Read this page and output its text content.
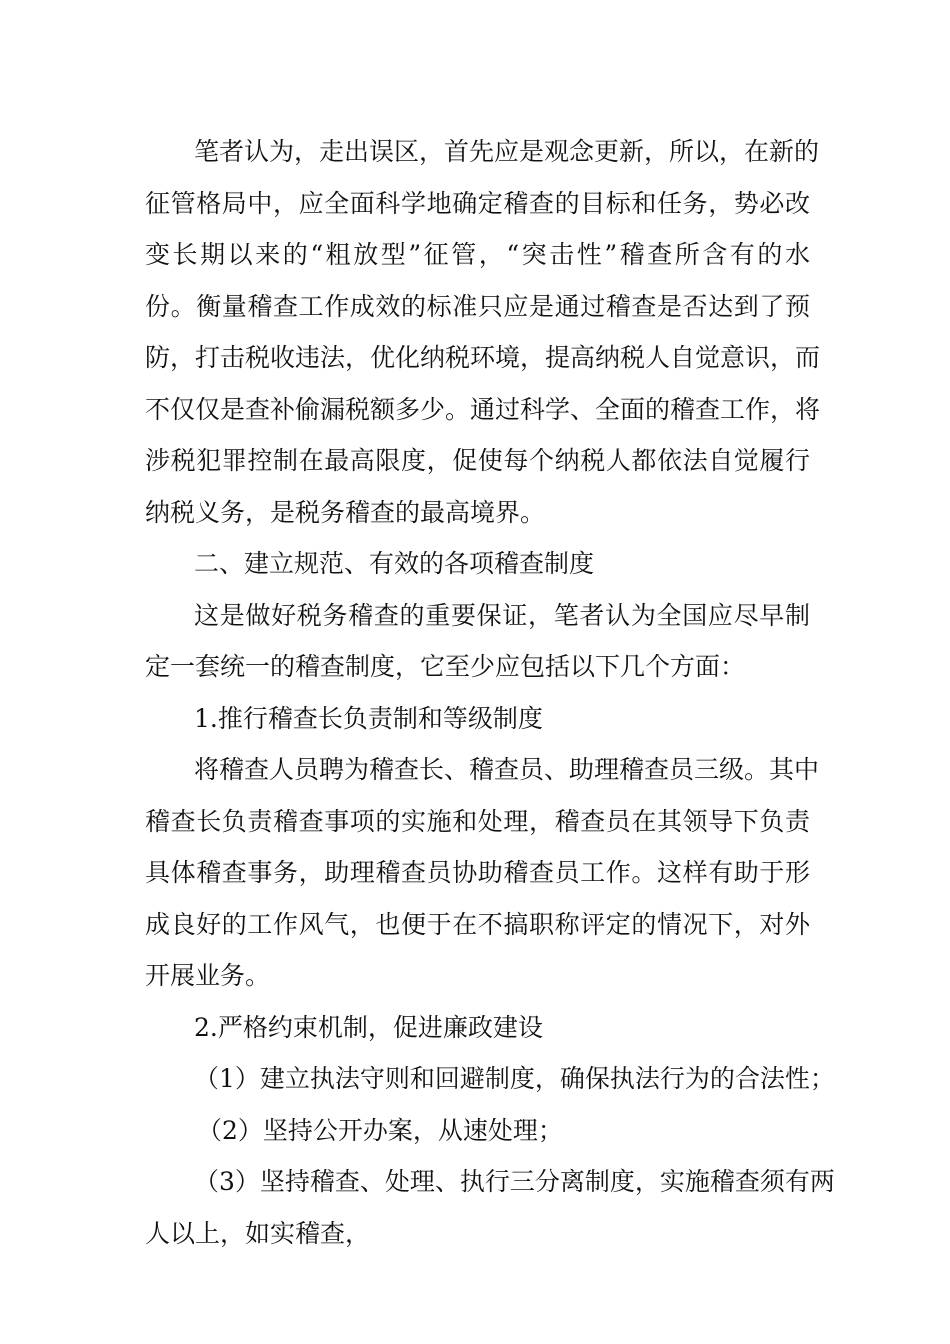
笔者认为，走出误区，首先应是观念更新，所以，在新的
征管格局中，应全面科学地确定稽查的目标和任务，势必改
变长期以来的“粗放型”征管，“突击性”稽查所含有的水
份。衡量稽查工作成效的标准只应是通过稽查是否达到了预
防，打击税收违法，优化纳税环境，提高纳税人自觉意识，而
不仅仅是查补偷漏税额多少。通过科学、全面的稽查工作，将
涉税犯罪控制在最高限度，促使每个纳税人都依法自觉履行
纳税义务，是税务稽查的最高境界。
二、建立规范、有效的各项稽查制度
这是做好税务稽查的重要保证，笔者认为全国应尽早制
定一套统一的稽查制度，它至少应包括以下几个方面：
1.推行稽查长负责制和等级制度
将稽查人员聘为稽查长、稽查员、助理稽查员三级。其中
稽查长负责稽查事项的实施和处理，稽查员在其领导下负责
具体稽查事务，助理稽查员协助稽查员工作。这样有助于形
成良好的工作风气，也便于在不搞职称评定的情况下，对外
开展业务。
2.严格约束机制，促进廉政建设
（1）建立执法守则和回避制度，确保执法行为的合法性；
（2）坚持公开办案，从速处理；
（3）坚持稽查、处理、执行三分离制度，实施稽查须有两
人以上，如实稽查，
